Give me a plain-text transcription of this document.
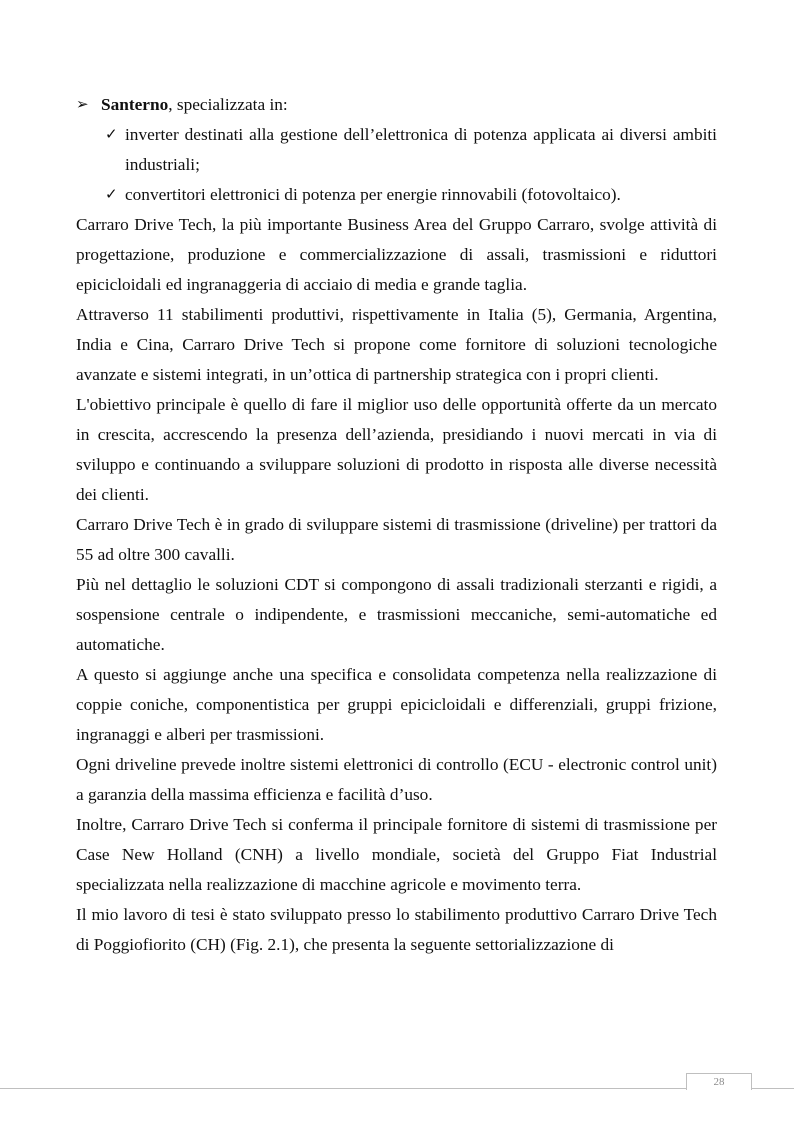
➢ Santerno, specializzata in:

✓ inverter destinati alla gestione dell’elettronica di potenza applicata ai diversi ambiti industriali;

✓ convertitori elettronici di potenza per energie rinnovabili (fotovoltaico).

Carraro Drive Tech, la più importante Business Area del Gruppo Carraro, svolge attività di progettazione, produzione e commercializzazione di assali, trasmissioni e riduttori epicicloidali ed ingranaggeria di acciaio di media e grande taglia.

Attraverso 11 stabilimenti produttivi, rispettivamente in Italia (5), Germania, Argentina, India e Cina, Carraro Drive Tech si propone come fornitore di soluzioni tecnologiche avanzate e sistemi integrati, in un’ottica di partnership strategica con i propri clienti.

L'obiettivo principale è quello di fare il miglior uso delle opportunità offerte da un mercato in crescita, accrescendo la presenza dell’azienda, presidiando i nuovi mercati in via di sviluppo e continuando a sviluppare soluzioni di prodotto in risposta alle diverse necessità dei clienti.

Carraro Drive Tech è in grado di sviluppare sistemi di trasmissione (driveline) per trattori da 55 ad oltre 300 cavalli.

Più nel dettaglio le soluzioni CDT si compongono di assali tradizionali sterzanti e rigidi, a sospensione centrale o indipendente, e trasmissioni meccaniche, semi-automatiche ed automatiche.

A questo si aggiunge anche una specifica e consolidata competenza nella realizzazione di coppie coniche, componentistica per gruppi epicicloidali e differenziali, gruppi frizione, ingranaggi e alberi per trasmissioni.

Ogni driveline prevede inoltre sistemi elettronici di controllo (ECU - electronic control unit) a garanzia della massima efficienza e facilità d’uso.

Inoltre, Carraro Drive Tech si conferma il principale fornitore di sistemi di trasmissione per Case New Holland (CNH) a livello mondiale, società del Gruppo Fiat Industrial specializzata nella realizzazione di macchine agricole e movimento terra.

Il mio lavoro di tesi è stato sviluppato presso lo stabilimento produttivo Carraro Drive Tech di Poggiofiorito (CH) (Fig. 2.1), che presenta la seguente settorializzazione di

28
